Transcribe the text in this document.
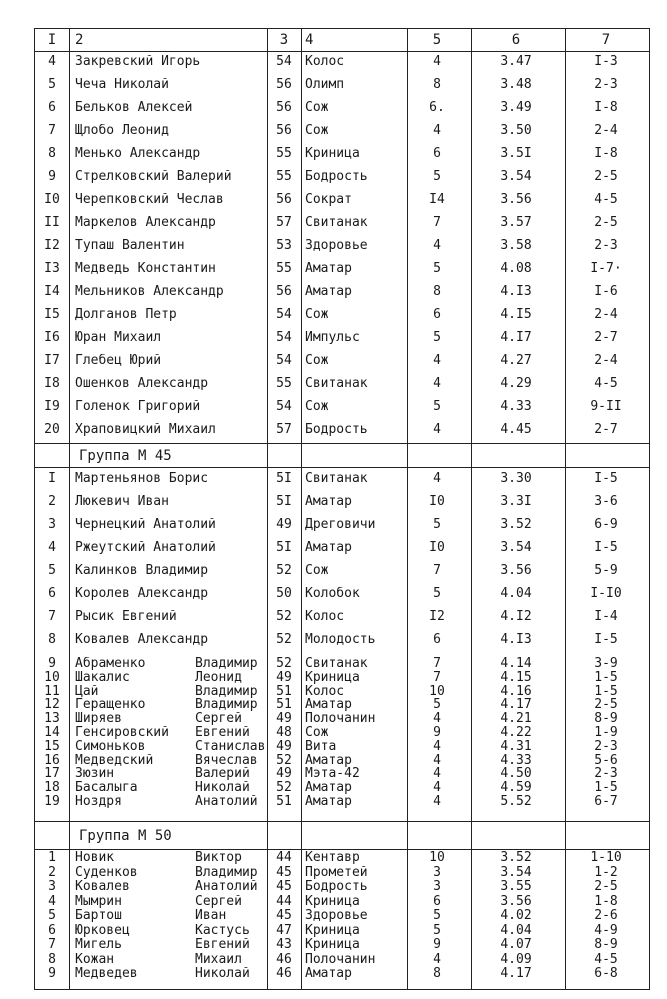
I	2	3	4	5	6	7
4	Закревский Игорь	54	Колос	4	3.47	I-3
5	Чеча Николай	56	Олимп	8	3.48	2-3
6	Бельков Алексей	56	Сож	6.	3.49	I-8
7	Щлобо Леонид	56	Сож	4	3.50	2-4
8	Менько Александр	55	Криница	6	3.5I	I-8
9	Стрелковский Валерий	55	Бодрость	5	3.54	2-5
I0	Черепковский Чеслав	56	Сократ	I4	3.56	4-5
II	Маркелов Александр	57	Свитанак	7	3.57	2-5
I2	Тупаш Валентин	53	Здоровье	4	3.58	2-3
I3	Медведь Константин	55	Аматар	5	4.08	I-7·
I4	Мельников Александр	56	Аматар	8	4.I3	I-6
I5	Долганов Петр	54	Сож	6	4.I5	2-4
I6	Юран Михаил	54	Импульс	5	4.I7	2-7
I7	Глебец Юрий	54	Сож	4	4.27	2-4
I8	Ошенков Александр	55	Свитанак	4	4.29	4-5
I9	Голенок Григорий	54	Сож	5	4.33	9-II
20	Храповицкий Михаил	57	Бодрость	4	4.45	2-7
Группа М 45
I	Мартеньянов Борис	5I	Свитанак	4	3.30	I-5
2	Люкевич Иван	5I	Аматар	I0	3.3I	3-6
3	Чернецкий Анатолий	49	Дреговичи	5	3.52	6-9
4	Ржеутский Анатолий	5I	Аматар	I0	3.54	I-5
5	Калинков Владимир	52	Сож	7	3.56	5-9
6	Королев Александр	50	Колобок	5	4.04	I-I0
7	Рысик Евгений	52	Колос	I2	4.I2	I-4
8	Ковалев Александр	52	Молодость	6	4.I3	I-5
9	Абраменко	Владимир	52	Свитанак	7	4.14	3-9
10	Шакалис	Леонид	49	Криница	7	4.15	1-5
11	Цай	Владимир	51	Колос	10	4.16	1-5
12	Геращенко	Владимир	51	Аматар	5	4.17	2-5
13	Ширяев	Сергей	49	Полочанин	4	4.21	8-9
14	Генсировский	Евгений	48	Сож	9	4.22	1-9
15	Симоньков	Станислав 49	Вита	4	4.31	2-3
16	Медведский	Вячеслав	52	Аматар	4	4.33	5-6
17	Зюзин	Валерий	49	Мэта-42	4	4.50	2-3
18	Басалыга	Николай	52	Аматар	4	4.59	1-5
19	Ноздря	Анатолий	51	Аматар	4	5.52	6-7
Группа М 50
1	Новик	Виктор	44	Кентавр	10	3.52	1-10
2	Суденков	Владимир	45	Прометей	3	3.54	1-2
3	Ковалев	Анатолий	45	Бодрость	3	3.55	2-5
4	Мымрин	Сергей	44	Криница	6	3.56	1-8
5	Бартош	Иван	45	Здоровье	5	4.02	2-6
6	Юрковец	Кастусь	47	Криница	5	4.04	4-9
7	Мигель	Евгений	43	Криница	9	4.07	8-9
8	Кожан	Михаил	46	Полочанин	4	4.09	4-5
9	Медведев	Николай	46	Аматар	8	4.17	6-8
